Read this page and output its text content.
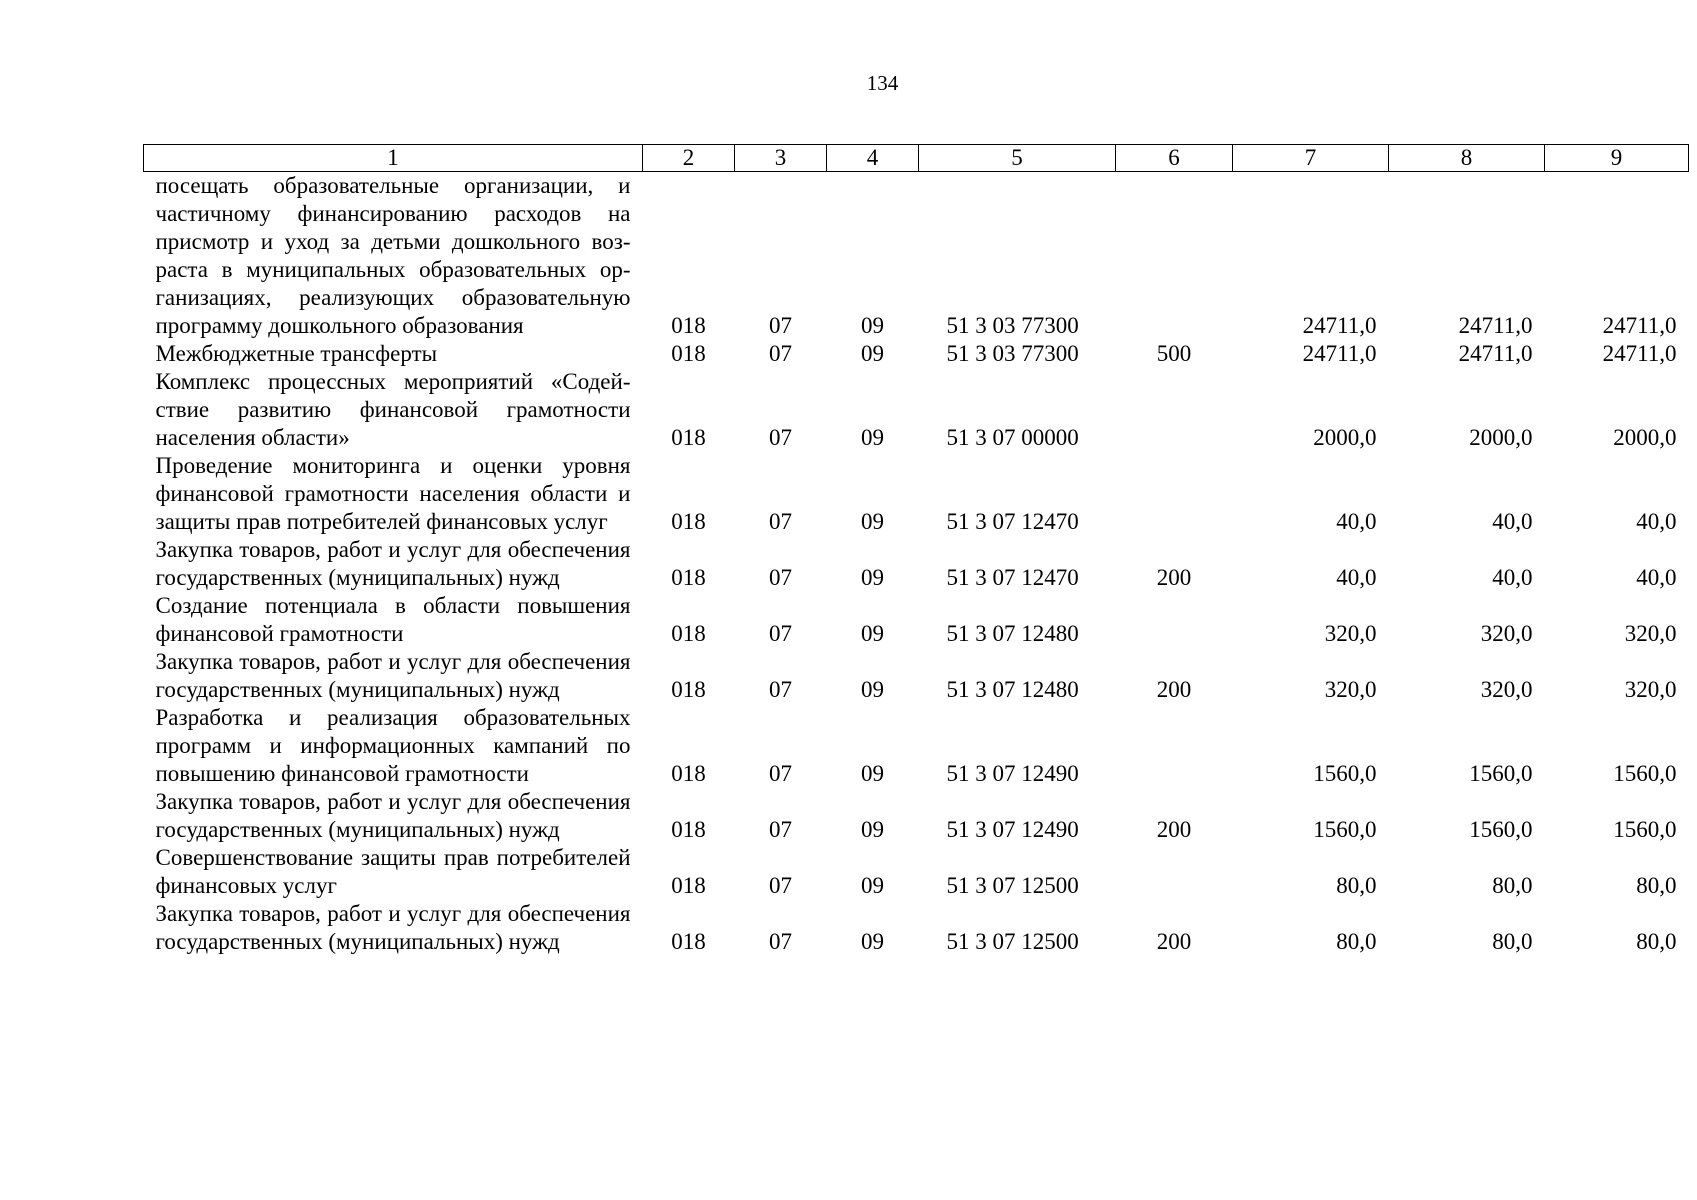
134
1	2	3	4	5	6	7	8	9
посещать образовательные организации, и частичному финансированию расходов на присмотр и уход за детьми дошкольного возраста в муниципальных образовательных организациях, реализующих образовательную программу дошкольного образования	018	07	09	51 3 03 77300		24711,0	24711,0	24711,0
Межбюджетные трансферты	018	07	09	51 3 03 77300	500	24711,0	24711,0	24711,0
Комплекс процессных мероприятий «Содействие развитию финансовой грамотности населения области»	018	07	09	51 3 07 00000		2000,0	2000,0	2000,0
Проведение мониторинга и оценки уровня финансовой грамотности населения области и защиты прав потребителей финансовых услуг	018	07	09	51 3 07 12470		40,0	40,0	40,0
Закупка товаров, работ и услуг для обеспечения государственных (муниципальных) нужд	018	07	09	51 3 07 12470	200	40,0	40,0	40,0
Создание потенциала в области повышения финансовой грамотности	018	07	09	51 3 07 12480		320,0	320,0	320,0
Закупка товаров, работ и услуг для обеспечения государственных (муниципальных) нужд	018	07	09	51 3 07 12480	200	320,0	320,0	320,0
Разработка и реализация образовательных программ и информационных кампаний по повышению финансовой грамотности	018	07	09	51 3 07 12490		1560,0	1560,0	1560,0
Закупка товаров, работ и услуг для обеспечения государственных (муниципальных) нужд	018	07	09	51 3 07 12490	200	1560,0	1560,0	1560,0
Совершенствование защиты прав потребителей финансовых услуг	018	07	09	51 3 07 12500		80,0	80,0	80,0
Закупка товаров, работ и услуг для обеспечения государственных (муниципальных) нужд	018	07	09	51 3 07 12500	200	80,0	80,0	80,0
